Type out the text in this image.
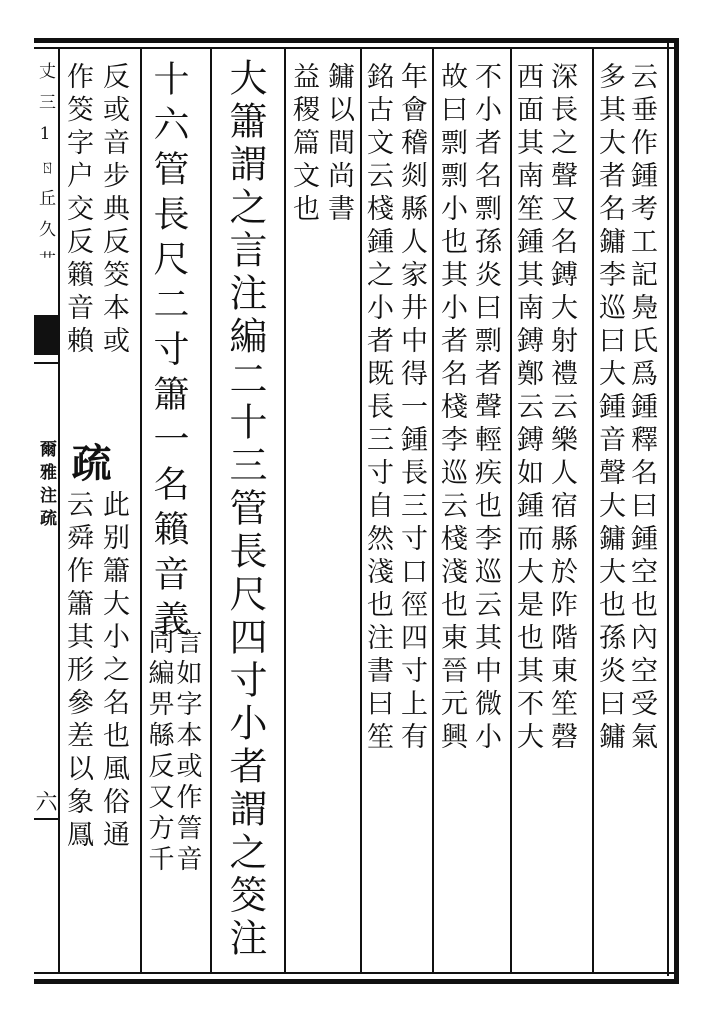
丈三1ㄖ丘久艹
爾雅注疏
六
云垂作鍾考工記鳧氏爲鍾釋名曰鍾空也內空受氣
多其大者名鏞李巡曰大鍾音聲大鏞大也孫炎曰鏞
深長之聲又名鎛大射禮云樂人宿縣於阼階東笙磬
西面其南笙鍾其南鎛鄭云鎛如鍾而大是也其不大
不小者名剽孫炎曰剽者聲輕疾也李巡云其中微小
故曰剽剽小也其小者名棧李巡云棧淺也東晉元興
年會稽剡縣人家井中得一鍾長三寸口徑四寸上有
銘古文云棧鍾之小者既長三寸自然淺也注書曰笙
鏞以間尚書
益稷篇文也
大簫謂之言注編二十三管長尺四寸小者謂之筊注
十六管長尺二寸簫一名籟音義
言如字本或作䇾音
同編畀緜反又方千
反或音步典反筊本或
作筊字户交反籟音賴
疏
此别簫大小之名也風俗通
云舜作簫其形參差以象鳳
